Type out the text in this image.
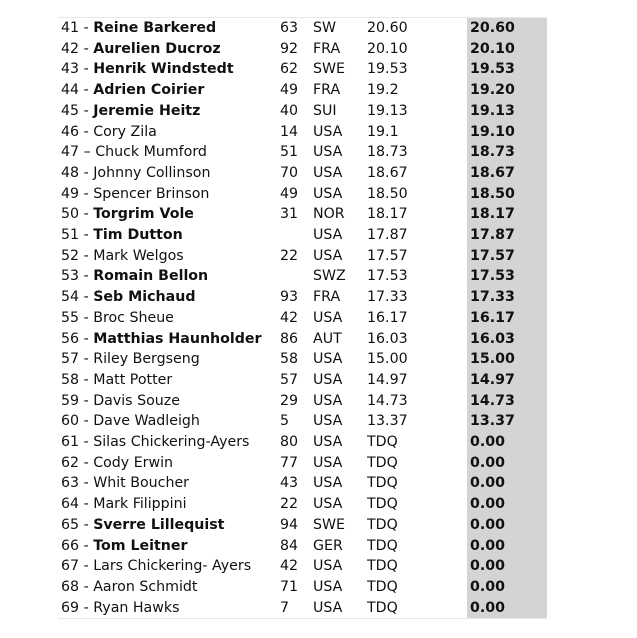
41 - Reine Barkered	63	SW	20.60	20.60
42 - Aurelien Ducroz	92	FRA	20.10	20.10
43 - Henrik Windstedt	62	SWE	19.53	19.53
44 - Adrien Coirier	49	FRA	19.2	19.20
45 - Jeremie Heitz	40	SUI	19.13	19.13
46 - Cory Zila	14	USA	19.1	19.10
47 – Chuck Mumford	51	USA	18.73	18.73
48 - Johnny Collinson	70	USA	18.67	18.67
49 - Spencer Brinson	49	USA	18.50	18.50
50 - Torgrim Vole	31	NOR	18.17	18.17
51 - Tim Dutton		USA	17.87	17.87
52 - Mark Welgos	22	USA	17.57	17.57
53 - Romain Bellon		SWZ	17.53	17.53
54 - Seb Michaud	93	FRA	17.33	17.33
55 - Broc Sheue	42	USA	16.17	16.17
56 - Matthias Haunholder	86	AUT	16.03	16.03
57 - Riley Bergseng	58	USA	15.00	15.00
58 - Matt Potter	57	USA	14.97	14.97
59 - Davis Souze	29	USA	14.73	14.73
60 - Dave Wadleigh	5	USA	13.37	13.37
61 - Silas Chickering-Ayers	80	USA	TDQ	0.00
62 - Cody Erwin	77	USA	TDQ	0.00
63 - Whit Boucher	43	USA	TDQ	0.00
64 - Mark Filippini	22	USA	TDQ	0.00
65 - Sverre Lillequist	94	SWE	TDQ	0.00
66 - Tom Leitner	84	GER	TDQ	0.00
67 - Lars Chickering- Ayers	42	USA	TDQ	0.00
68 - Aaron Schmidt	71	USA	TDQ	0.00
69 - Ryan Hawks	7	USA	TDQ	0.00
